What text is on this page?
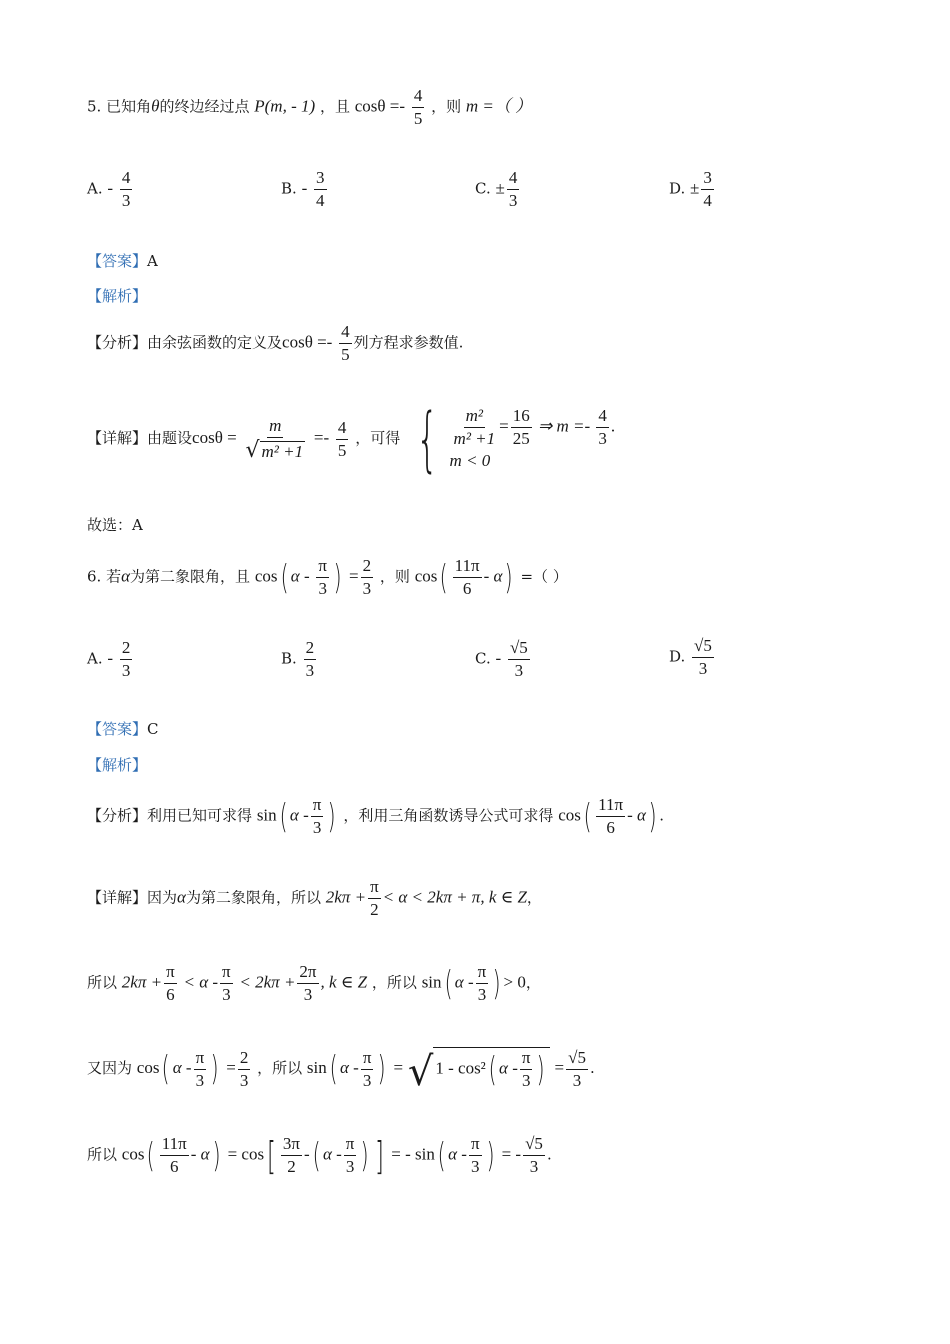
5. 已知角θ的终边经过点 P(m, - 1) ，且 $\cos\theta =- \frac{4}{5}$ ，则 m =（ ）
A. - $\frac{4}{3}$	B. - $\frac{3}{4}$	C. ± $\frac{4}{3}$	D. ± $\frac{3}{4}$
【答案】A
【解析】
【分析】由余弦函数的定义及$\cos\theta =- \frac{4}{5}$ 列方程求参数值.
【详解】由题设$\cos\theta = \frac{m}{\text{√ m² +1}} =- \frac{4}{5}$ ，可得 { $\frac{\text{m²}}{\text{m² +1}} = \frac{16}{25}$ ⇒ $m =- \frac{4}{3}$ .
m < 0
故选：A
6. 若α为第二象限角，且 cos( α - $\frac{\pi}{3}$ ) = $\frac{2}{3}$ ，则 $\cos( \frac{11\pi}{6} - \alpha)$ =（ ）
A. - $\frac{2}{3}$	B. $\frac{2}{3}$	C. - $\frac{√5}{3}$	D. $\frac{√5}{3}$
【答案】C
【解析】
【分析】利用已知可求得 sin( α - $\frac{\pi}{3}$ ) ，利用三角函数诱导公式可求得 $\cos( \frac{11\pi}{6} - \alpha)$ .
【详解】因为α为第二象限角，所以 $2k\pi + \frac{\pi}{2} < \alpha < 2k\pi + \pi$, k ∈ Z，
所以 $2k\pi + \frac{\pi}{6} < \alpha - \frac{\pi}{3} < 2k\pi + \frac{2\pi}{3}$ , k ∈ Z ，所以 sin( α - $\frac{\pi}{3}$ ) > 0，
又因为 cos( α - $\frac{\pi}{3}$ ) = $\frac{2}{3}$ ，所以 sin( α - $\frac{\pi}{3}$ ) = √ 1 - cos²( α - $\frac{\pi}{3}$ ) = $\frac{√5}{3}$ .
所以 $\cos( \frac{11\pi}{6} - \alpha) = \cos[ \frac{3\pi}{2}$ -( α - $\frac{\pi}{3}$ ) ] = - sin( α - $\frac{\pi}{3}$ ) = - $\frac{√5}{3}$ .
